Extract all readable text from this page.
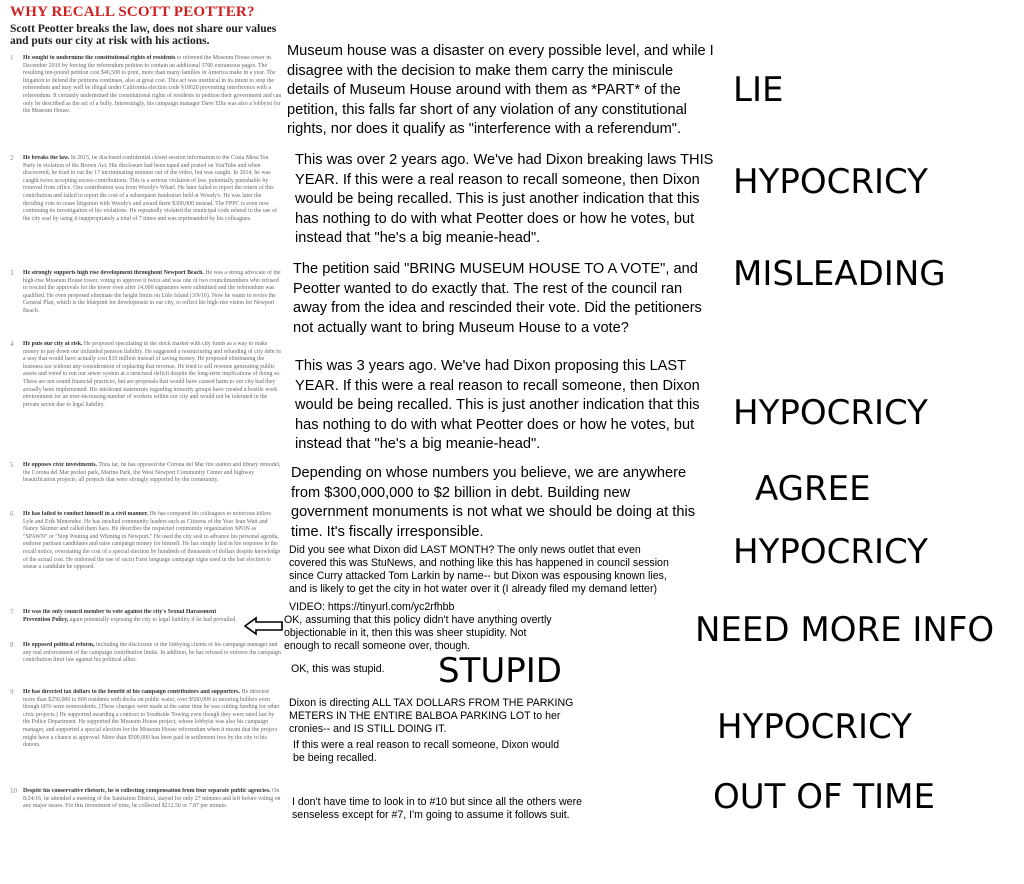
WHY RECALL SCOTT PEOTTER?
Scott Peotter breaks the law, does not share our values and puts our city at risk with his actions.
1 He sought to undermine the constitutional rights of residents to referend the Museum House tower in December 2016 by forcing the referendum petition to contain an additional 3700 extraneous pages. The resulting ten-pound petition cost $46,500 to print, more than many families in America make in a year. The litigation to defend the petitions continues, also at great cost. This act was unethical in its intent to stop the referendum and may well be illegal under California election code §18620 preventing interference with a referendum. It certainly undermined the constitutional rights of residents to petition their government and can only be described as the act of a bully. Interestingly, his campaign manager Dave Ellis was also a lobbyist for the Museum House.
2 He breaks the law. In 2015, he disclosed confidential closed session information to the Costa Mesa Tea Party in violation of the Brown Act. His disclosure had been taped and posted on YouTube and when discovered, he tried to cut the 17 incriminating minutes out of the video, but was caught. In 2014, he was caught twice accepting excess contributions. This is a serious violation of law, potentially punishable by removal from office. One contribution was from Woody's Wharf. He later failed to report the return of this contribution and failed to report the cost of a subsequent fundraiser held at Woody's. He was later the deciding vote to cease litigation with Woody's and award them $300,000 instead. The FPPC is even now continuing its investigation of his violations. He repeatedly violated the municipal code related to the use of the city seal by using it inappropriately a total of 7 times and was reprimanded by his colleagues.
3 He strongly supports high rise development throughout Newport Beach. He was a strong advocate of the high-rise Museum House tower, voting to approve it twice and was one of two councilmembers who refused to rescind the approvals for the tower even after 14,000 signatures were submitted and the referendum was qualified. He even proposed eliminate the height limits on Lido Island (3/9/16). Now he wants to revise the General Plan, which is the blueprint for development in our city, to reflect his high-rise vision for Newport Beach.
4 He puts our city at risk. He proposed speculating in the stock market with city funds as a way to make money to pay down our unfunded pension liability. He suggested a restructuring and refunding of city debt in a way that would have actually cost $10 million instead of saving money. He proposed eliminating the business tax without any consideration of replacing that revenue. He tried to sell revenue generating public assets and voted to run our sewer system at a structural deficit despite the long-term implications of doing so. These are not sound financial practices, but are proposals that would have caused harm to our city had they actually been implemented. His intolerant statements regarding minority groups have created a hostile work environment for an ever-increasing number of workers within our city and would not be tolerated in the private sector due to legal liability.
5 He opposes civic investments. Thus far, he has opposed the Corona del Mar fire station and library remodel, the Corona del Mar pocket park, Marina Park, the West Newport Community Center and highway beautification projects, all projects that were strongly supported by the community.
6 He has failed to conduct himself in a civil manner. He has compared his colleagues to notorious killers Lyle and Erik Menendez. He has insulted community leaders such as Citizens of the Year Jean Watt and Nancy Skinner and called them liars. He describes the respected community organization SPON as "SPAWN" or "Stop Pouting and Whining in Newport." He used the city seal to advance his personal agenda, endorse partisan candidates and raise campaign money for himself. He has simply lied in his response to the recall notice, overstating the cost of a special election by hundreds of thousands of dollars despite knowledge of the actual cost. He endorsed the use of racist Farsi language campaign signs used in the last election to smear a candidate he opposed.
7 He was the only council member to vote against the city's Sexual Harassment Prevention Policy, again potentially exposing the city to legal liability if he had prevailed.
8 He opposed political reform, including the disclosure of the lobbying clients of his campaign manager and any real enforcement of the campaign contribution limits. In addition, he has refused to enforce the campaign contribution limit law against his political allies.
9 He has directed tax dollars to the benefit of his campaign contributors and supporters. He directed more than $250,000 to 800 residents with docks on public water, over $500,000 to mooring holders even though 60% were nonresidents. (These changes were made at the same time he was cutting funding for other civic projects.) He supported awarding a contract to Southside Towing even though they were rated last by the Police Department. He supported the Museum House project, whose lobbyist was also his campaign manager, and supported a special election for the Museum House referendum when it meant that the project might have a chance at approval. More than $500,000 has been paid in settlement fees by the city to his donors.
10 Despite his conservative rhetoric, he is collecting compensation from four separate public agencies. On 8/24/16, he attended a meeting of the Sanitation District, stayed for only 27 minutes and left before voting on any major issues. For this investment of time, he collected $212.50 or 7.87 per minute.
Museum house was a disaster on every possible level, and while I disagree with the decision to make them carry the miniscule details of Museum House around with them as *PART* of the petition, this falls far short of any violation of any constitutional rights, nor does it qualify as "interference with a referendum".
This was over 2 years ago. We've had Dixon breaking laws THIS YEAR. If this were a real reason to recall someone, then Dixon would be being recalled. This is just another indication that this has nothing to do with what Peotter does or how he votes, but instead that "he's a big meanie-head".
The petition said "BRING MUSEUM HOUSE TO A VOTE", and Peotter wanted to do exactly that. The rest of the council ran away from the idea and rescinded their vote. Did the petitioners not actually want to bring Museum House to a vote?
This was 3 years ago. We've had Dixon proposing this LAST YEAR. If this were a real reason to recall someone, then Dixon would be being recalled. This is just another indication that this has nothing to do with what Peotter does or how he votes, but instead that "he's a big meanie-head".
Depending on whose numbers you believe, we are anywhere from $300,000,000 to $2 billion in debt. Building new government monuments is not what we should be doing at this time. It's fiscally irresponsible.
Did you see what Dixon did LAST MONTH? The only news outlet that even covered this was StuNews, and nothing like this has happened in council session since Curry attacked Tom Larkin by name-- but Dixon was espousing known lies, and is likely to get the city in hot water over it (I already filed my demand letter)
VIDEO: https://tinyurl.com/yc2rfhbb
OK, assuming that this policy didn't have anything overtly objectionable in it, then this was sheer stupidity. Not enough to recall someone over, though.
OK, this was stupid.
Dixon is directing ALL TAX DOLLARS FROM THE PARKING METERS IN THE ENTIRE BALBOA PARKING LOT to her cronies-- and IS STILL DOING IT.
If this were a real reason to recall someone, Dixon would be being recalled.
I don't have time to look in to #10 but since all the others were senseless except for #7, I'm going to assume it follows suit.
LIE
HYPOCRICY
MISLEADING
HYPOCRICY
AGREE
HYPOCRICY
NEED MORE INFO
STUPID
HYPOCRICY
OUT OF TIME
